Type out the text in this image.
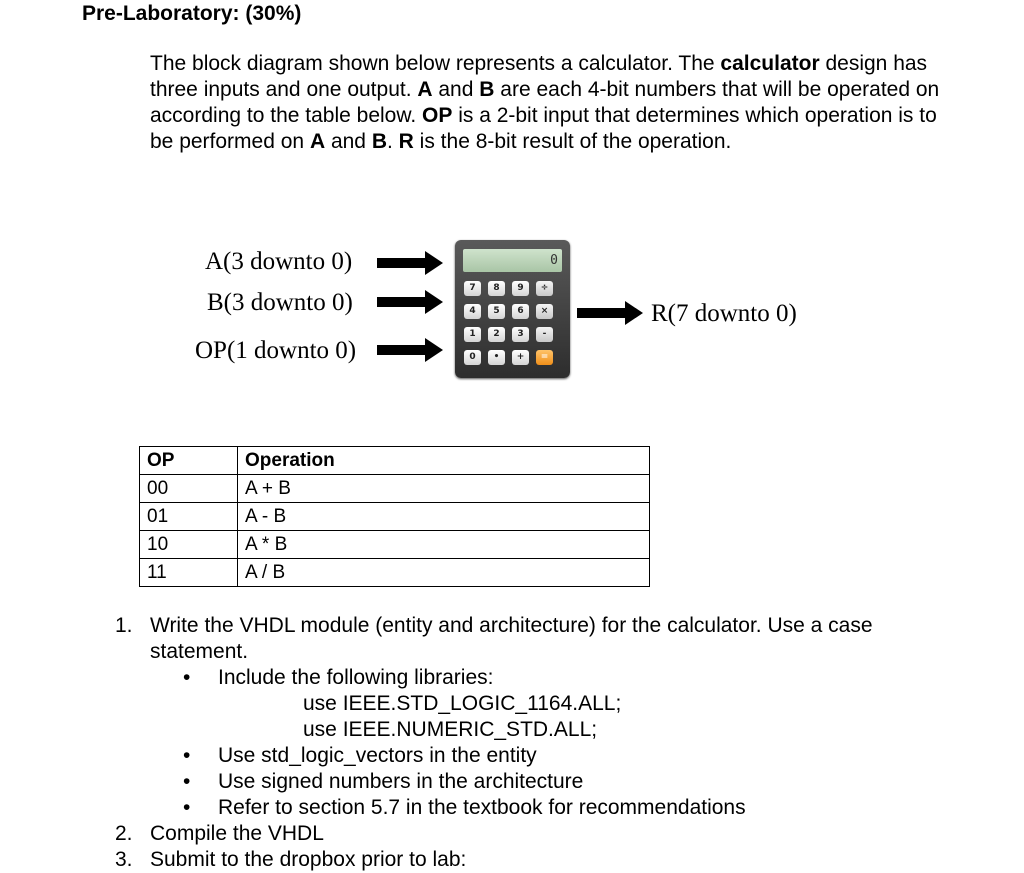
Pre-Laboratory: (30%)
The block diagram shown below represents a calculator. The calculator design has three inputs and one output. A and B are each 4-bit numbers that will be operated on according to the table below. OP is a 2-bit input that determines which operation is to be performed on A and B. R is the 8-bit result of the operation.
A(3 downto 0)
B(3 downto 0)
OP(1 downto 0)
0
7	8	9	÷
4	5	6	×
1	2	3	-
0	•	+	=
R(7 downto 0)
OP	Operation
00	A + B
01	A - B
10	A * B
11	A / B
1. Write the VHDL module (entity and architecture) for the calculator. Use a case statement.
• Include the following libraries:
use IEEE.STD_LOGIC_1164.ALL;
use IEEE.NUMERIC_STD.ALL;
• Use std_logic_vectors in the entity
• Use signed numbers in the architecture
• Refer to section 5.7 in the textbook for recommendations
2. Compile the VHDL
3. Submit to the dropbox prior to lab:
